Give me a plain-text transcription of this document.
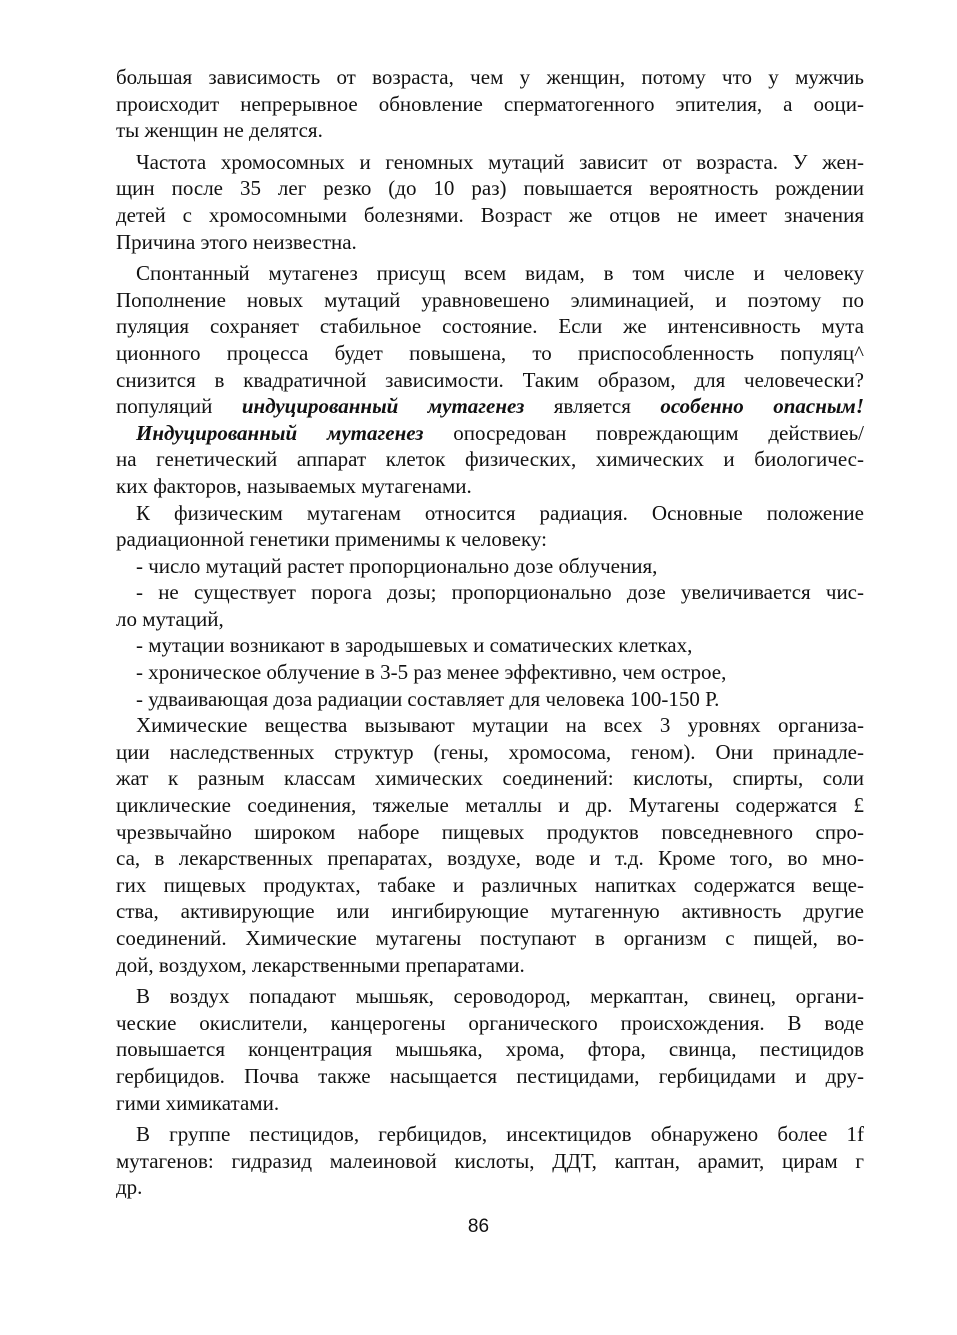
большая зависимость от возраста, чем у женщин, потому что у мужчиь
происходит непрерывное обновление сперматогенного эпителия, а ооци-
ты женщин не делятся.
Частота хромосомных и геномных мутаций зависит от возраста. У жен-
щин после 35 лег резко (до 10 раз) повышается вероятность рождении
детей с хромосомными болезнями. Возраст же отцов не имеет значения
Причина этого неизвестна.
Спонтанный мутагенез присущ всем видам, в том числе и человеку
Пополнение новых мутаций уравновешено элиминацией, и поэтому по
пуляция сохраняет стабильное состояние. Если же интенсивность мута
ционного процесса будет повышена, то приспособленность популяц^
снизится в квадратичной зависимости. Таким образом, для человечески?
популяций индуцированный мутагенез является особенно опасным!
Индуцированный мутагенез опосредован повреждающим действиеь/
на генетический аппарат клеток физических, химических и биологичес-
ких факторов, называемых мутагенами.
К физическим мутагенам относится радиация. Основные положение
радиационной генетики применимы к человеку:
- число мутаций растет пропорционально дозе облучения,
- не существует порога дозы; пропорционально дозе увеличивается чис-
ло мутаций,
- мутации возникают в зародышевых и соматических клетках,
- хроническое облучение в 3-5 раз менее эффективно, чем острое,
- удваивающая доза радиации составляет для человека 100-150 Р.
Химические вещества вызывают мутации на всех 3 уровнях организа-
ции наследственных структур (гены, хромосома, геном). Они принадле-
жат к разным классам химических соединений: кислоты, спирты, соли
циклические соединения, тяжелые металлы и др. Мутагены содержатся £
чрезвычайно широком наборе пищевых продуктов повседневного спро-
са, в лекарственных препаратах, воздухе, воде и т.д. Кроме того, во мно-
гих пищевых продуктах, табаке и различных напитках содержатся веще-
ства, активирующие или ингибирующие мутагенную активность другие
соединений. Химические мутагены поступают в организм с пищей, во-
дой, воздухом, лекарственными препаратами.
В воздух попадают мышьяк, сероводород, меркаптан, свинец, органи-
ческие окислители, канцерогены органического происхождения. В воде
повышается концентрация мышьяка, хрома, фтора, свинца, пестицидов
гербицидов. Почва также насыщается пестицидами, гербицидами и дру-
гими химикатами.
В группе пестицидов, гербицидов, инсектицидов обнаружено более 1f
мутагенов: гидразид малеиновой кислоты, ДДТ, каптан, арамит, цирам г
др.
86
